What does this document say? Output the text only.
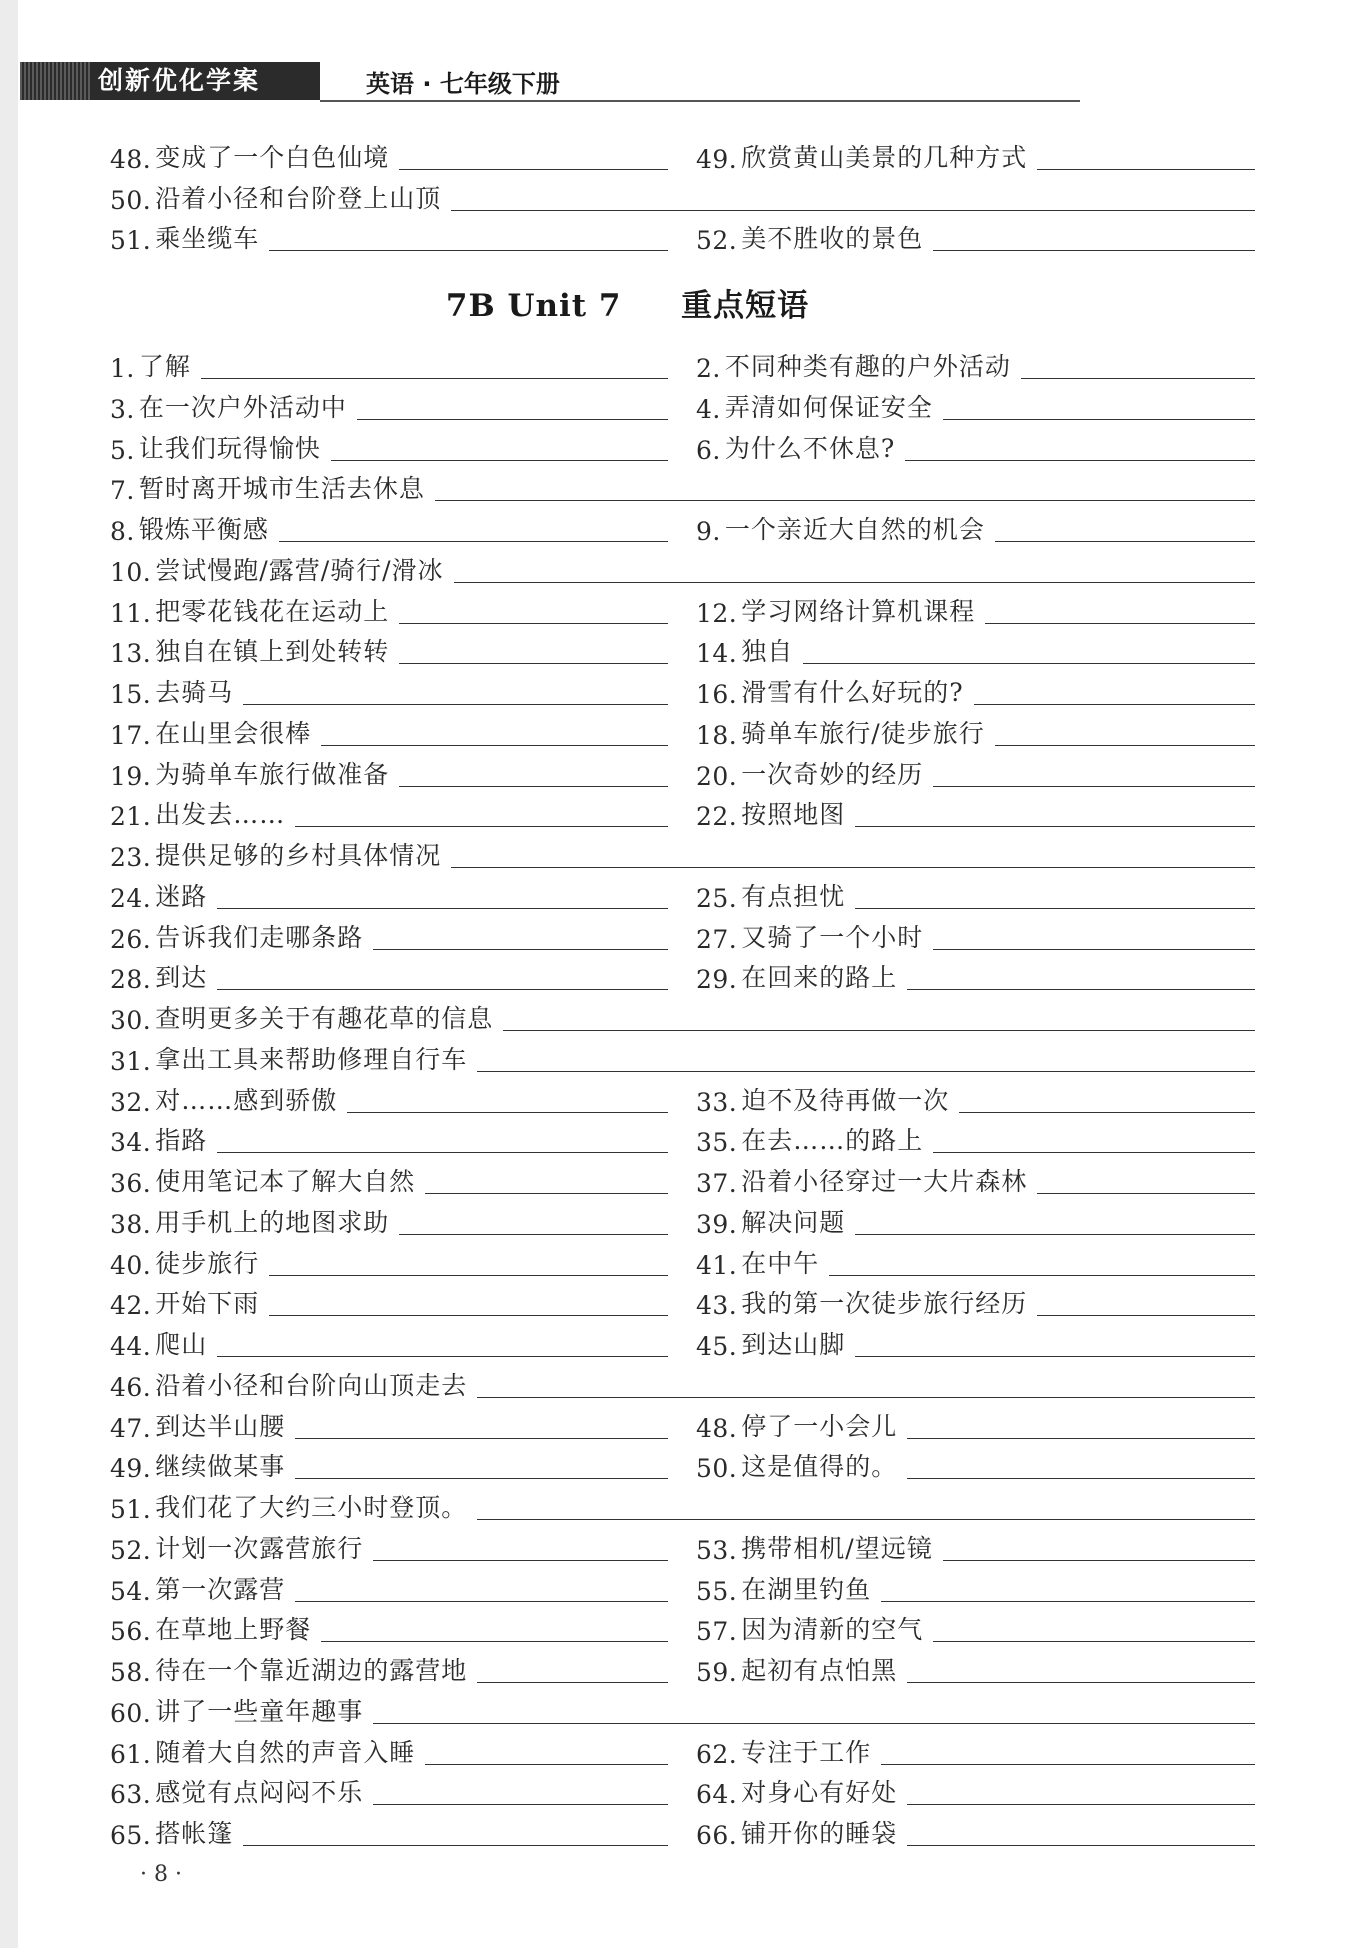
创新优化学案	英语 · 七年级下册
48. 变成了一个白色仙境	49. 欣赏黄山美景的几种方式
50. 沿着小径和台阶登上山顶
51. 乘坐缆车	52. 美不胜收的景色
7B Unit 7 重点短语
1. 了解	2. 不同种类有趣的户外活动
3. 在一次户外活动中	4. 弄清如何保证安全
5. 让我们玩得愉快	6. 为什么不休息?
7. 暂时离开城市生活去休息
8. 锻炼平衡感	9. 一个亲近大自然的机会
10. 尝试慢跑/露营/骑行/滑冰
11. 把零花钱花在运动上	12. 学习网络计算机课程
13. 独自在镇上到处转转	14. 独自
15. 去骑马	16. 滑雪有什么好玩的?
17. 在山里会很棒	18. 骑单车旅行/徒步旅行
19. 为骑单车旅行做准备	20. 一次奇妙的经历
21. 出发去……	22. 按照地图
23. 提供足够的乡村具体情况
24. 迷路	25. 有点担忧
26. 告诉我们走哪条路	27. 又骑了一个小时
28. 到达	29. 在回来的路上
30. 查明更多关于有趣花草的信息
31. 拿出工具来帮助修理自行车
32. 对……感到骄傲	33. 迫不及待再做一次
34. 指路	35. 在去……的路上
36. 使用笔记本了解大自然	37. 沿着小径穿过一大片森林
38. 用手机上的地图求助	39. 解决问题
40. 徒步旅行	41. 在中午
42. 开始下雨	43. 我的第一次徒步旅行经历
44. 爬山	45. 到达山脚
46. 沿着小径和台阶向山顶走去
47. 到达半山腰	48. 停了一小会儿
49. 继续做某事	50. 这是值得的。
51. 我们花了大约三小时登顶。
52. 计划一次露营旅行	53. 携带相机/望远镜
54. 第一次露营	55. 在湖里钓鱼
56. 在草地上野餐	57. 因为清新的空气
58. 待在一个靠近湖边的露营地	59. 起初有点怕黑
60. 讲了一些童年趣事
61. 随着大自然的声音入睡	62. 专注于工作
63. 感觉有点闷闷不乐	64. 对身心有好处
65. 搭帐篷	66. 铺开你的睡袋
· 8 ·
